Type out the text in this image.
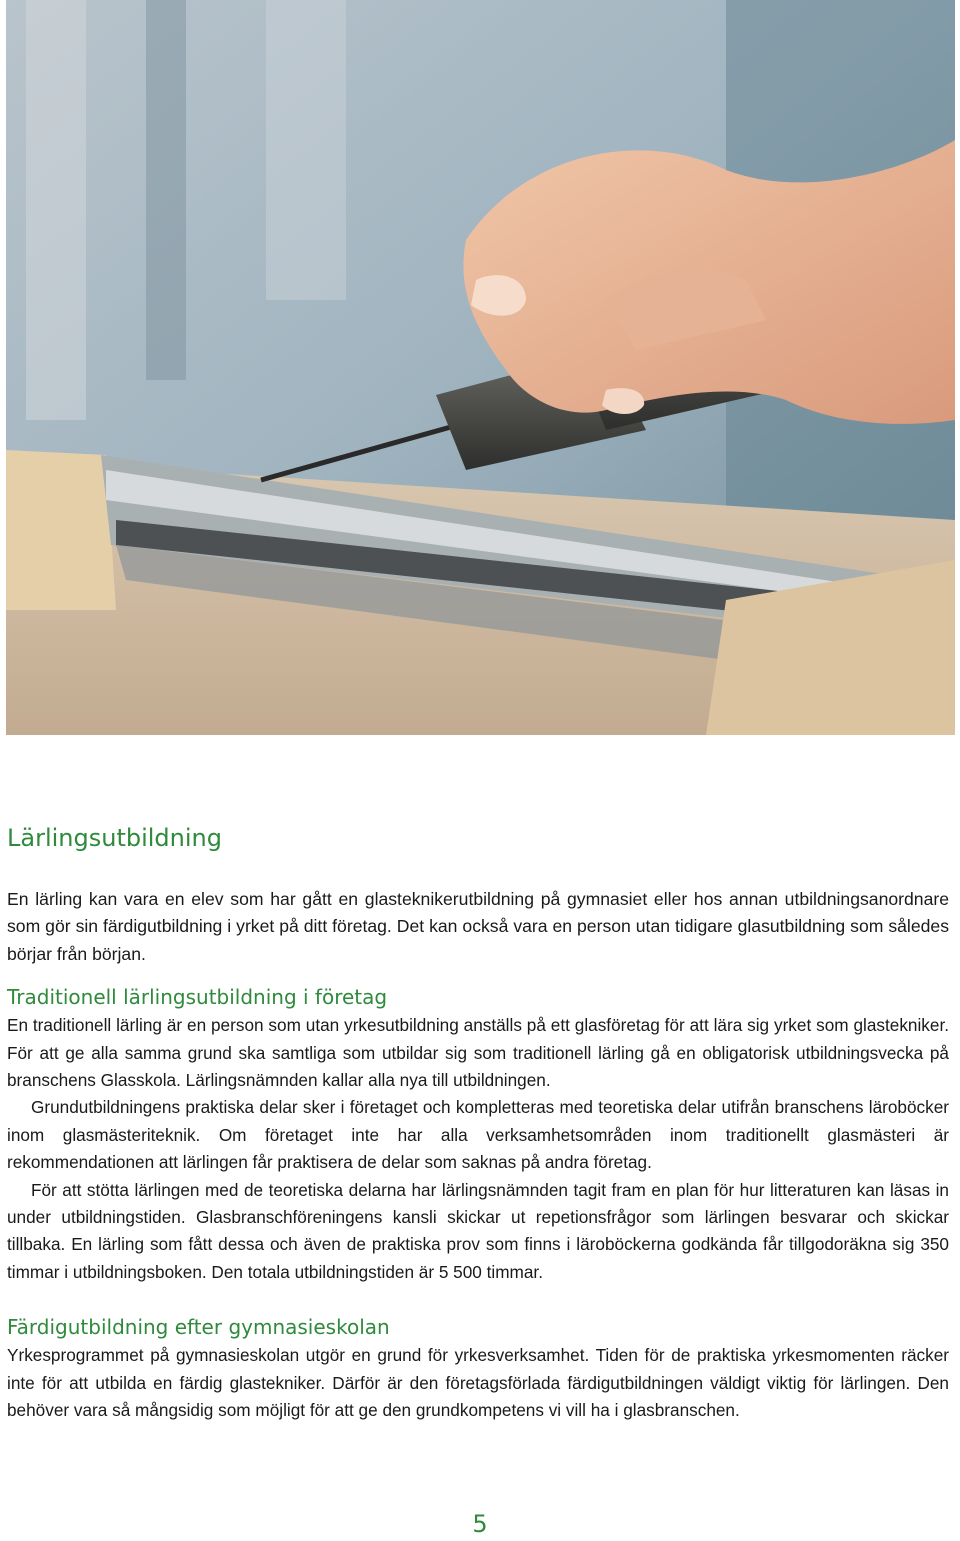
Lärlingsutbildning

En lärling kan vara en elev som har gått en glasteknikerutbildning på gymnasiet eller hos annan utbildningsanordnare som gör sin färdigutbildning i yrket på ditt företag. Det kan också vara en person utan tidigare glasutbildning som således börjar från början.

Traditionell lärlingsutbildning i företag

En traditionell lärling är en person som utan yrkesutbildning anställs på ett glasföretag för att lära sig yrket som glastekniker. För att ge alla samma grund ska samtliga som utbildar sig som traditionell lärling gå en obligatorisk utbildningsvecka på branschens Glasskola. Lärlingsnämnden kallar alla nya till utbildningen.

Grundutbildningens praktiska delar sker i företaget och kompletteras med teoretiska delar utifrån branschens läroböcker inom glasmästeriteknik. Om företaget inte har alla verksamhetsområden inom traditionellt glasmästeri är rekommendationen att lärlingen får praktisera de delar som saknas på andra företag.

För att stötta lärlingen med de teoretiska delarna har lärlingsnämnden tagit fram en plan för hur litteraturen kan läsas in under utbildningstiden. Glasbranschföreningens kansli skickar ut repetionsfrågor som lärlingen besvarar och skickar tillbaka. En lärling som fått dessa och även de praktiska prov som finns i läroböckerna godkända får tillgodoräkna sig 350 timmar i utbildningsboken. Den totala utbildningstiden är 5 500 timmar.

Färdigutbildning efter gymnasieskolan

Yrkesprogrammet på gymnasieskolan utgör en grund för yrkesverksamhet. Tiden för de praktiska yrkesmomenten räcker inte för att utbilda en färdig glastekniker. Därför är den företagsförlada färdigutbildningen väldigt viktig för lärlingen. Den behöver vara så mångsidig som möjligt för att ge den grundkompetens vi vill ha i glasbranschen.

5
